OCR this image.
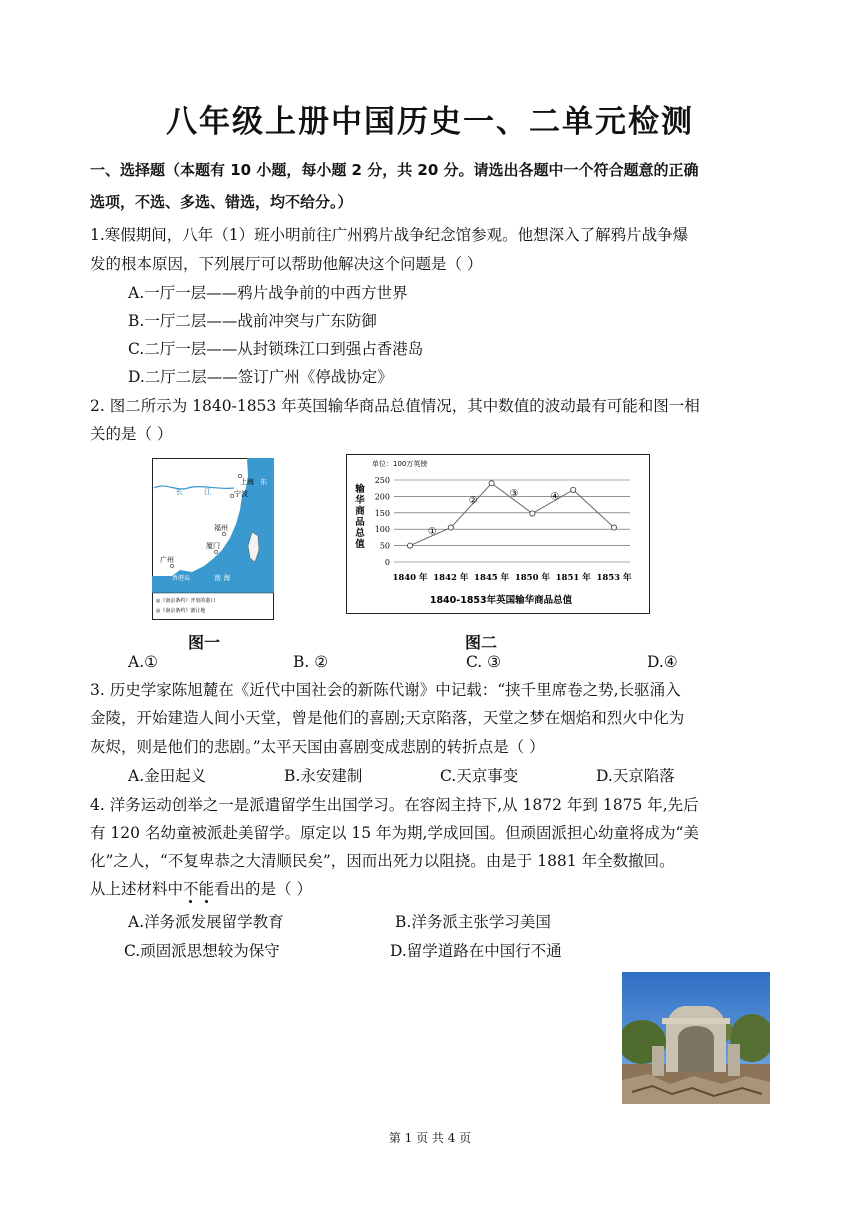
八年级上册中国历史一、二单元检测
一、选择题（本题有 10 小题，每小题 2 分，共 20 分。请选出各题中一个符合题意的正确
选项，不选、多选、错选，均不给分。）
1.寒假期间，八年（1）班小明前往广州鸦片战争纪念馆参观。他想深入了解鸦片战争爆
发的根本原因，下列展厅可以帮助他解决这个问题是（ ）
A.一厅一层——鸦片战争前的中西方世界
B.一厅二层——战前冲突与广东防御
C.二厅一层——从封锁珠江口到强占香港岛
D.二厅二层——签订广州《停战协定》
2. 图二所示为 1840-1853 年英国输华商品总值情况，其中数值的波动最有可能和图一相
关的是（ ）
◎《南京条约》开放的港口
◎《南京条约》割让地
上海
宁波
福州
厦门
广州
香港岛	南 海
长	江
东
单位：100万英镑
输
华
商
品
总
值
0
50
100
150
200
250
1840 年 1842 年 1845 年 1850 年 1851 年 1853 年
①
②
③	④
1840-1853年英国输华商品总值
图一	图二
A.①	B. ②	C. ③	D.④
3. 历史学家陈旭麓在《近代中国社会的新陈代谢》中记载：“挟千里席卷之势,长驱涌入
金陵，开始建造人间小天堂，曾是他们的喜剧;天京陷落，天堂之梦在烟焰和烈火中化为
灰烬，则是他们的悲剧。”太平天国由喜剧变成悲剧的转折点是（ ）
A.金田起义	B.永安建制	C.天京事变	D.天京陷落
4. 洋务运动创举之一是派遣留学生出国学习。在容闳主持下,从 1872 年到 1875 年,先后
有 120 名幼童被派赴美留学。原定以 15 年为期,学成回国。但顽固派担心幼童将成为“美
化”之人，“不复卑恭之大清顺民矣”，因而出死力以阻挠。由是于 1881 年全数撤回。
从上述材料中不
能
看出的是（ ）
A.洋务派发展留学教育	B.洋务派主张学习美国
C.顽固派思想较为保守	D.留学道路在中国行不通
第 1 页 共 4 页
